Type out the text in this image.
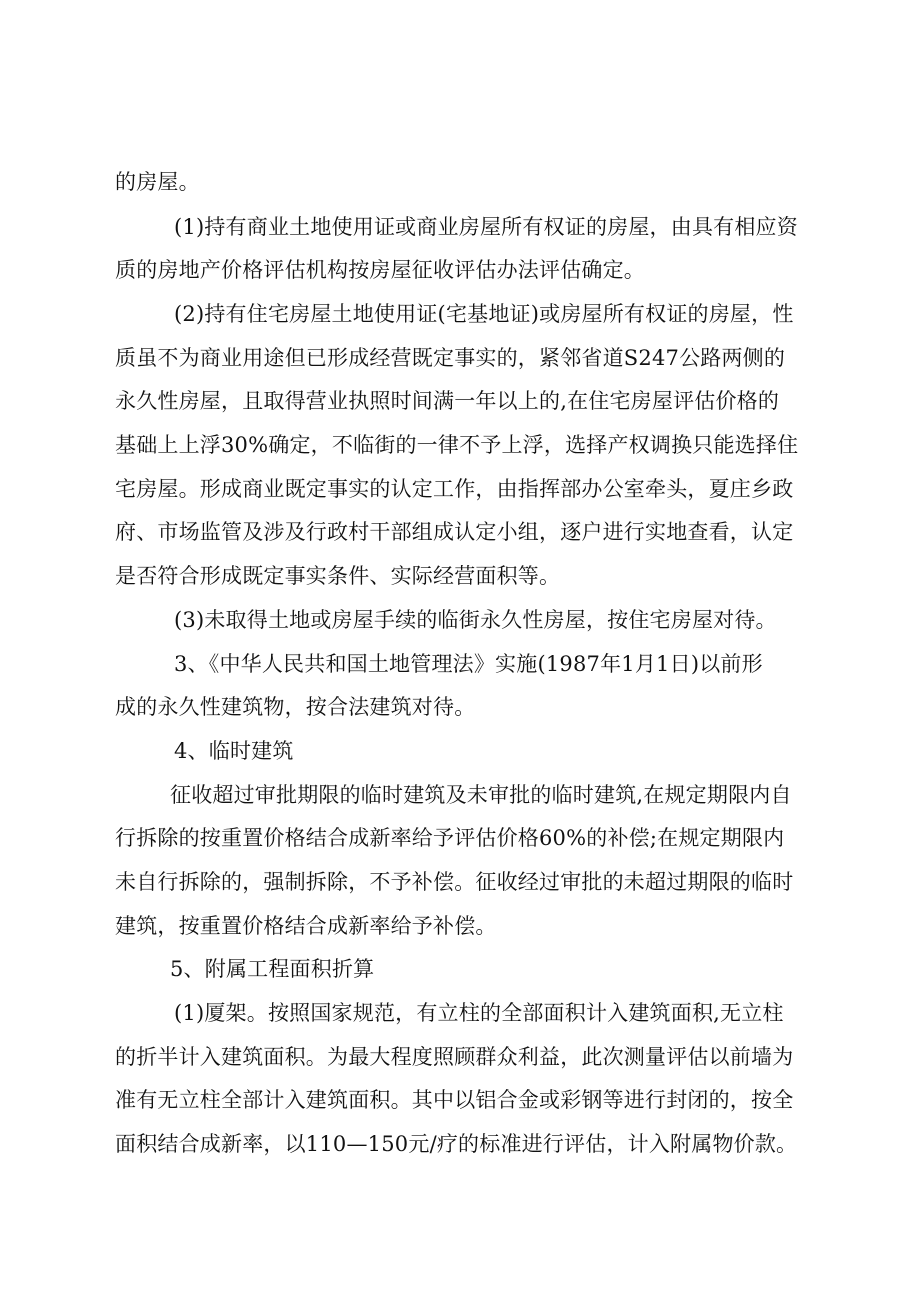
的房屋。
(1)持有商业土地使用证或商业房屋所有权证的房屋，由具有相应资
质的房地产价格评估机构按房屋征收评估办法评估确定。
(2)持有住宅房屋土地使用证(宅基地证)或房屋所有权证的房屋，性
质虽不为商业用途但已形成经营既定事实的，紧邻省道S247公路两侧的
永久性房屋，且取得营业执照时间满一年以上的,在住宅房屋评估价格的
基础上上浮30%确定，不临街的一律不予上浮，选择产权调换只能选择住
宅房屋。形成商业既定事实的认定工作，由指挥部办公室牵头，夏庄乡政
府、市场监管及涉及行政村干部组成认定小组，逐户进行实地查看，认定
是否符合形成既定事实条件、实际经营面积等。
(3)未取得土地或房屋手续的临街永久性房屋，按住宅房屋对待。
3、《中华人民共和国土地管理法》实施(1987年1月1日)以前形
成的永久性建筑物，按合法建筑对待。
4、临时建筑
征收超过审批期限的临时建筑及未审批的临时建筑,在规定期限内自
行拆除的按重置价格结合成新率给予评估价格60%的补偿;在规定期限内
未自行拆除的，强制拆除，不予补偿。征收经过审批的未超过期限的临时
建筑，按重置价格结合成新率给予补偿。
5、附属工程面积折算
(1)厦架。按照国家规范，有立柱的全部面积计入建筑面积,无立柱
的折半计入建筑面积。为最大程度照顾群众利益，此次测量评估以前墙为
准有无立柱全部计入建筑面积。其中以铝合金或彩钢等进行封闭的，按全
面积结合成新率，以110—150元/疗的标准进行评估，计入附属物价款。
